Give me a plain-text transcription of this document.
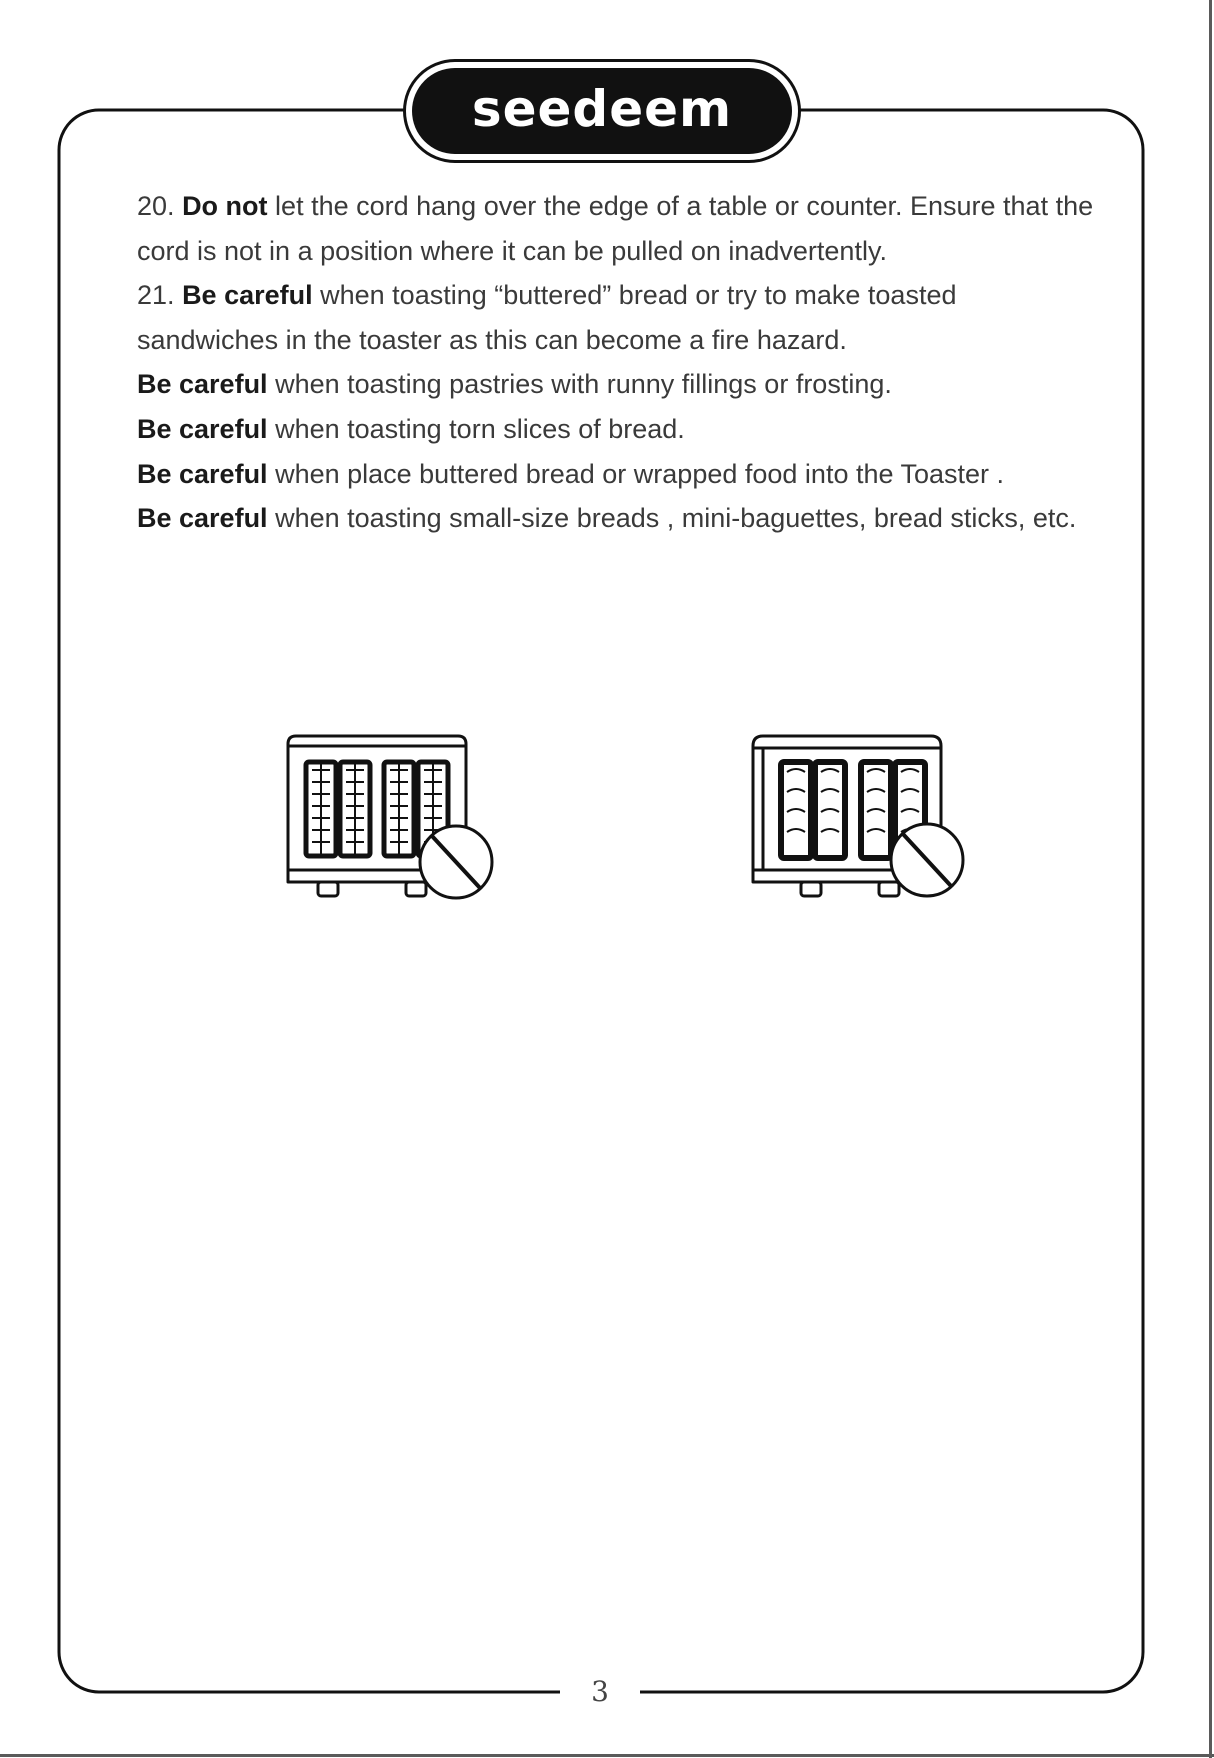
seedeem

20. Do not let the cord hang over the edge of a table or counter. Ensure that the cord is not in a position where it can be pulled on inadvertently.

21. Be careful when toasting “buttered” bread or try to make toasted sandwiches in the toaster as this can become a fire hazard.

Be careful when toasting pastries with runny fillings or frosting.

Be careful when toasting torn slices of bread.

Be careful when place buttered bread or wrapped food into the Toaster .

Be careful when toasting small-size breads , mini-baguettes, bread sticks, etc.

3
